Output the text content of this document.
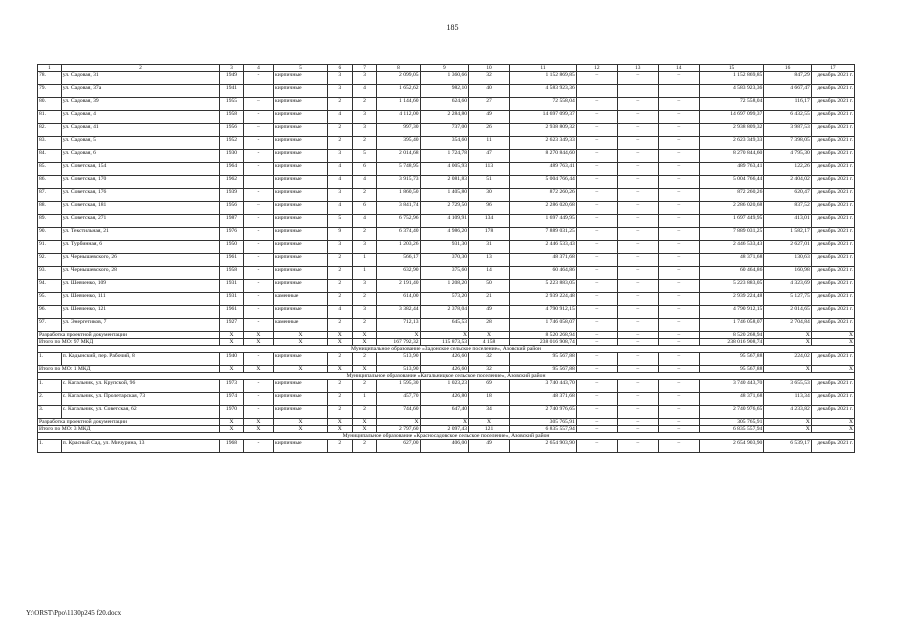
185
1	2	3	4	5	6	7	8	9	10	11	12	13	14	15	16	17
78.	ул. Садовая, 31	1949	-	кирпичные	3	3	2 099,05	1 360,66	32	1 152 869,85	–	–	–	1 152 869,85	847,29	декабрь 2021 г.
79.	ул. Садовая, 37а	1941		кирпичные	3	4	1 652,62	982,10	40	4 583 923,36				4 583 923,36	4 667,47	декабрь 2021 г.
80.	ул. Садовая, 39	1955	–	кирпичные	2	2	1 144,60	624,60	27	72 558,04	–	–	–	72 558,04	116,17	декабрь 2021 г.
81.	ул. Садовая, 4	1958	-	кирпичные	4	3	4 112,00	2 284,80	49	14 697 099,37	–	–	–	14 697 099,37	6 432,55	декабрь 2021 г.
82.	ул. Садовая, 41	1956	–	кирпичные	2	3	997,30	737,00	26	2 938 809,32	–	–	–	2 938 809,32	3 987,53	декабрь 2021 г.
83.	ул. Садовая, 5	1952	-	кирпичные	2	2	395,40	354,60	11	2 623 349,33	–	–	–	2 623 349,33	7 398,05	декабрь 2021 г.
84.	ул. Садовая, 6	1930	-	кирпичные	3	5	2 014,68	1 724,78	47	8 270 844,60	–	–	–	8 270 844,60	4 795,30	декабрь 2021 г.
85.	ул. Советская, 154	1964	-	кирпичные	4	6	5 748,95	4 005,93	113	489 763,41	–	–	–	489 763,41	122,26	декабрь 2021 г.
86.	ул. Советская, 170	1962		кирпичные	4	4	3 915,73	2 081,83	51	5 004 766,44	–	–	–	5 004 766,44	2 404,02	декабрь 2021 г.
87.	ул. Советская, 176	1939	-	кирпичные	3	2	1 860,50	1 405,80	30	872 260,26	–	–	–	872 260,26	620,47	декабрь 2021 г.
88.	ул. Советская, 181	1956	–	кирпичные	4	6	3 841,74	2 729,50	96	2 286 020,68	–	–	–	2 286 020,68	837,52	декабрь 2021 г.
89.	ул. Советская, 271	1987	-	кирпичные	5	4	6 752,96	4 109,91	134	1 697 449,95	–	–	–	1 697 449,95	413,01	декабрь 2021 г.
90.	ул. Текстильная, 21	1976	-	кирпичные	9	2	6 374,40	4 986,20	178	7 889 031,25	–	–	–	7 889 031,25	1 582,17	декабрь 2021 г.
91.	ул. Турбинная, 6	1950	-	кирпичные	3	3	1 203,26	931,30	31	2 446 533,43	–	–	–	2 446 533,43	2 627,01	декабрь 2021 г.
92.	ул. Чернышевского, 26	1961	-	кирпичные	2	1	566,17	370,30	13	48 371,68	–	–	–	48 371,68	130,63	декабрь 2021 г.
93.	ул. Чернышевского, 28	1958	-	кирпичные	2	1	632,90	375,60	14	60 464,86	–	–	–	60 464,86	160,98	декабрь 2021 г.
94.	ул. Шевченко, 109	1931	-	кирпичные	2	3	2 191,40	1 208,20	50	5 223 883,05	–	–	–	5 223 883,05	4 323,69	декабрь 2021 г.
95.	ул. Шевченко, 111	1931	-	каменные	2	2	614,00	573,20	21	2 939 224,48	–	–	–	2 939 224,48	5 127,75	декабрь 2021 г.
96.	ул. Шевченко, 121	1961	-	кирпичные	4	3	3 382,44	2 378,04	49	4 790 912,15	–	–	–	4 790 912,15	2 014,65	декабрь 2021 г.
97.	ул. Энергетиков, 7	1927	-	каменные	2	2	712,13	645,53	28	1 746 058,07	–	–	–	1 746 058,07	2 704,84	декабрь 2021 г.
Разработка проектной документации		X	X	X	X	X	X	X	X	8 520 268,94	–	–	–	8 520 268,94	X	X
Итого по МО: 97 МКД		X	X	X	X	X	167 792,32	115 873,53	4 158	238 016 908,74	–	–	–	238 016 908,74	X	X
Муниципальное образование «Задонское сельское поселение», Азовский район																
1.	п. Кадынский, пер. Рабочий, 8	1940	-	кирпичные	2	2	513,90	426,60	32	95 567,88	–	–	–	95 567,88	224,02	декабрь 2021 г.
Итого по МО: 1 МКД		X	X	X	X	X	513,90	426,60	32	95 567,88	–	–	–	95 567,88	X	X
Муниципальное образование «Кагальницкое сельское поселение», Азовский район																
1.	с. Кагальник, ул. Крупской, 96	1973	-	кирпичные	2	2	1 595,30	1 023,23	69	3 740 443,70	–	–	–	3 740 443,70	3 655,53	декабрь 2021 г.
2.	с. Кагальник, ул. Пролетарская, 73	1974	-	кирпичные	2	1	457,70	426,80	18	48 371,68	–	–	–	48 371,68	113,34	декабрь 2021 г.
3.	с. Кагальник, ул. Советская, 62	1970	-	кирпичные	2	2	744,60	647,40	34	2 740 976,65	–	–	–	2 740 976,65	4 233,82	декабрь 2021 г.
Разработка проектной документации		X	X	X	X	X	X	X	X	305 765,91	–	–	–	305 765,91	X	X
Итого по МО: 3 МКД		X	X	X	X	X	2 797,60	2 097,43	121	6 835 557,94	–	–	–	6 835 557,94	X	X
Муниципальное образование «Красносадовское сельское поселение», Азовский район																
1.	п. Красный Сад, ул. Мичурина, 13	1968	-	кирпичные	2	2	627,00	406,00	49	2 654 903,90	–	–	–	2 654 903,90	6 539,17	декабрь 2021 г.
Y:\ORST\Ppo\1130p245 f20.docx
